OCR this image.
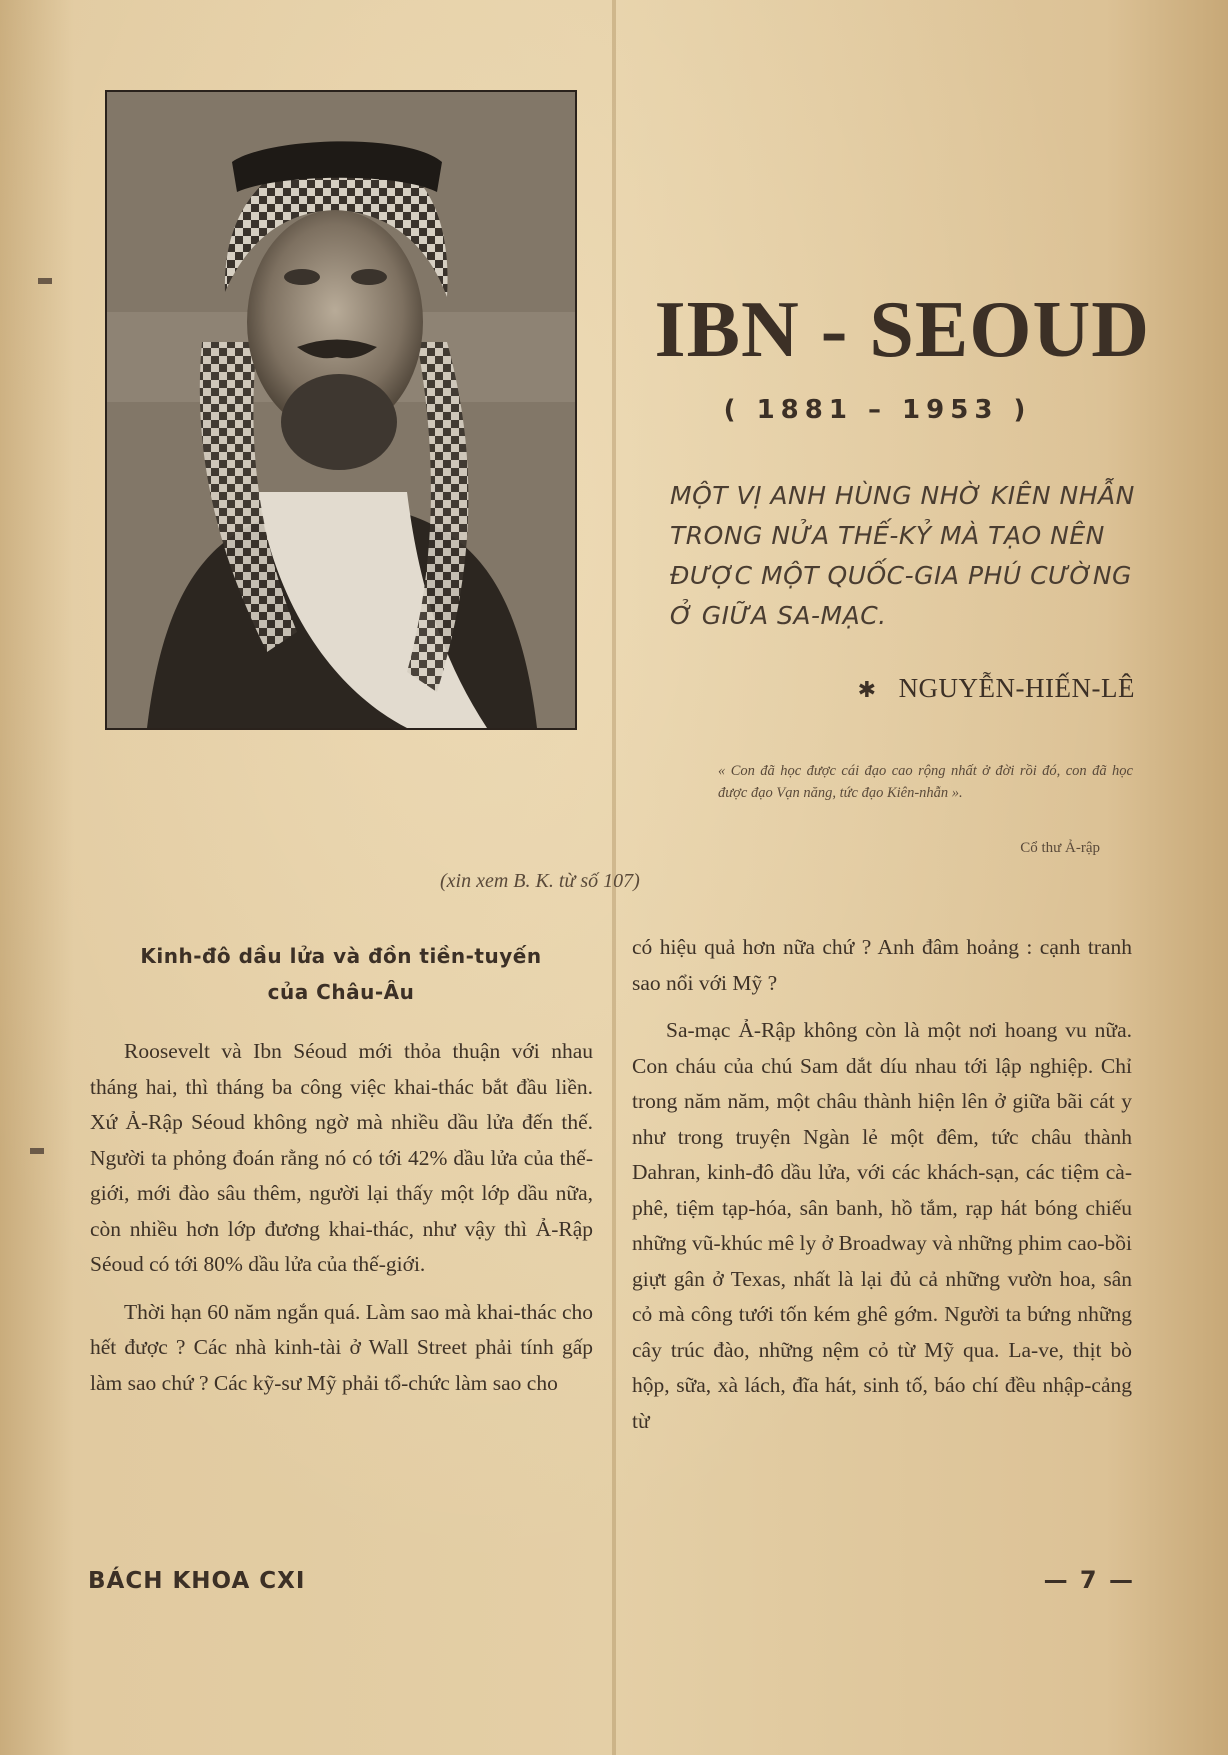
IBN - SEOUD
( 1881 – 1953 )
MỘT VỊ ANH HÙNG NHỜ KIÊN NHẪN TRONG NỬA THẾ-KỶ MÀ TẠO NÊN ĐƯỢC MỘT QUỐC-GIA PHÚ CƯỜNG Ở GIỮA SA-MẠC.
✱ NGUYỄN-HIẾN-LÊ
« Con đã học được cái đạo cao rộng nhất ở đời rồi đó, con đã học được đạo Vạn năng, tức đạo Kiên-nhẫn ».
Cổ thư Ả-rập
(xin xem B. K. từ số 107)
Kinh-đô dầu lửa và đồn tiền-tuyến
của Châu-Âu

Roosevelt và Ibn Séoud mới thỏa thuận với nhau tháng hai, thì tháng ba công việc khai-thác bắt đầu liền. Xứ Ả-Rập Séoud không ngờ mà nhiều dầu lửa đến thế. Người ta phỏng đoán rằng nó có tới 42% dầu lửa của thế-giới, mới đào sâu thêm, người lại thấy một lớp dầu nữa, còn nhiều hơn lớp đương khai-thác, như vậy thì Ả-Rập Séoud có tới 80% dầu lửa của thế-giới.

Thời hạn 60 năm ngắn quá. Làm sao mà khai-thác cho hết được ? Các nhà kinh-tài ở Wall Street phải tính gấp làm sao chứ ? Các kỹ-sư Mỹ phải tổ-chức làm sao cho

có hiệu quả hơn nữa chứ ? Anh đâm hoảng : cạnh tranh sao nổi với Mỹ ?

Sa-mạc Ả-Rập không còn là một nơi hoang vu nữa. Con cháu của chú Sam dắt díu nhau tới lập nghiệp. Chỉ trong năm năm, một châu thành hiện lên ở giữa bãi cát y như trong truyện Ngàn lẻ một đêm, tức châu thành Dahran, kinh-đô dầu lửa, với các khách-sạn, các tiệm cà-phê, tiệm tạp-hóa, sân banh, hồ tắm, rạp hát bóng chiếu những vũ-khúc mê ly ở Broadway và những phim cao-bồi giựt gân ở Texas, nhất là lại đủ cả những vườn hoa, sân cỏ mà công tưới tốn kém ghê gớm. Người ta bứng những cây trúc đào, những nệm cỏ từ Mỹ qua. La-ve, thịt bò hộp, sữa, xà lách, đĩa hát, sinh tố, báo chí đều nhập-cảng từ

BÁCH KHOA CXI	— 7 —
